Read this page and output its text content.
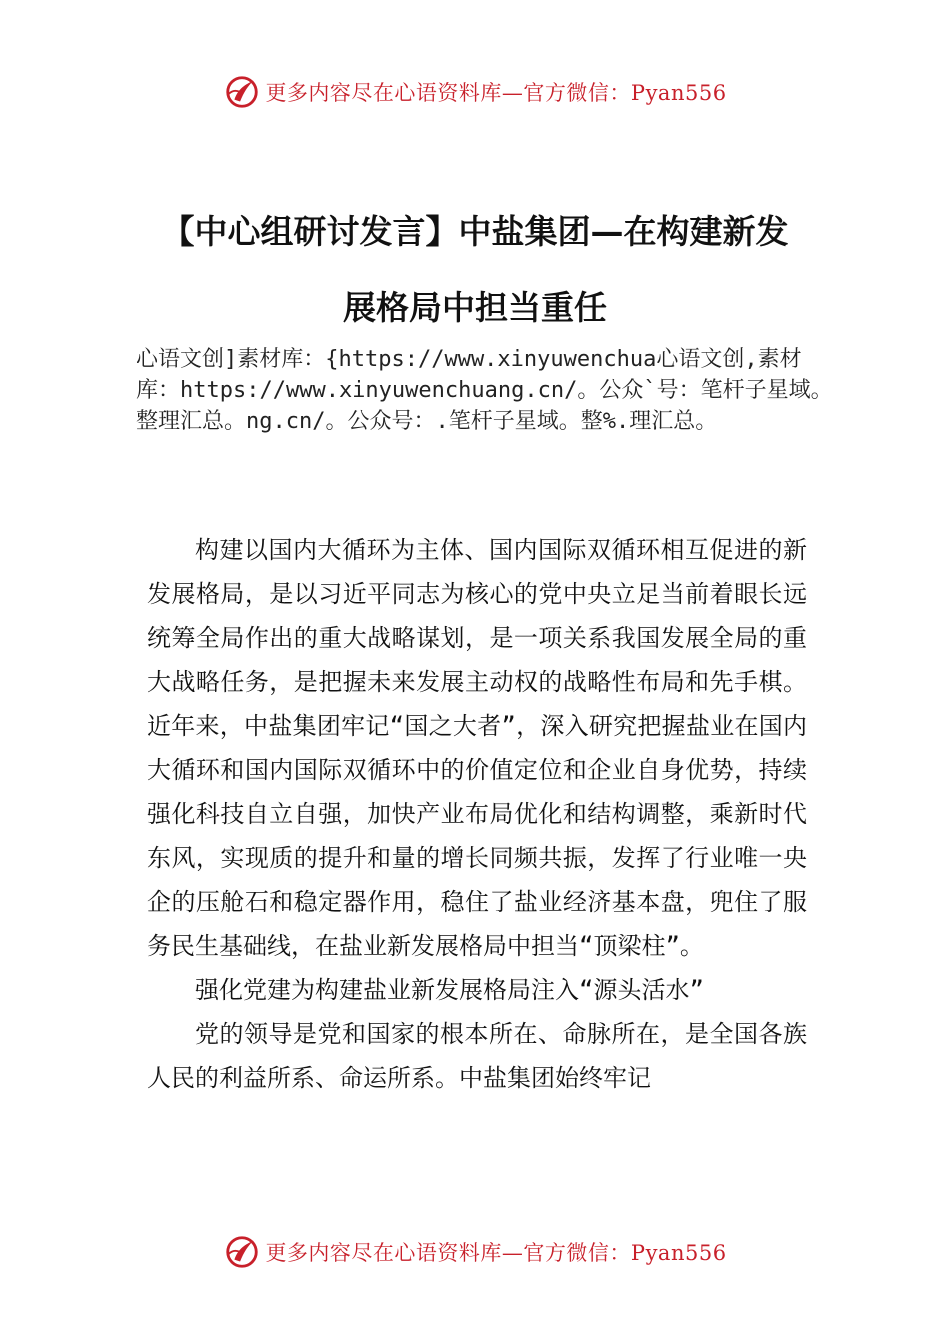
更多内容尽在心语资料库—官方微信：Pyan556
【中心组研讨发言】中盐集团—在构建新发
展格局中担当重任
心语文创]素材库：{https://www.xinyuwenchua心语文创,素材库：https://www.xinyuwenchuang.cn/。公众`号：笔杆子星域。整理汇总。ng.cn/。公众号：.笔杆子星域。整%.理汇总。

构建以国内大循环为主体、国内国际双循环相互促进的新发展格局，是以习近平同志为核心的党中央立足当前着眼长远统筹全局作出的重大战略谋划，是一项关系我国发展全局的重大战略任务，是把握未来发展主动权的战略性布局和先手棋。近年来，中盐集团牢记“国之大者”，深入研究把握盐业在国内大循环和国内国际双循环中的价值定位和企业自身优势，持续强化科技自立自强，加快产业布局优化和结构调整，乘新时代东风，实现质的提升和量的增长同频共振，发挥了行业唯一央企的压舱石和稳定器作用，稳住了盐业经济基本盘，兜住了服务民生基础线，在盐业新发展格局中担当“顶梁柱”。

强化党建为构建盐业新发展格局注入“源头活水”

党的领导是党和国家的根本所在、命脉所在，是全国各族人民的利益所系、命运所系。中盐集团始终牢记

更多内容尽在心语资料库—官方微信：Pyan556
